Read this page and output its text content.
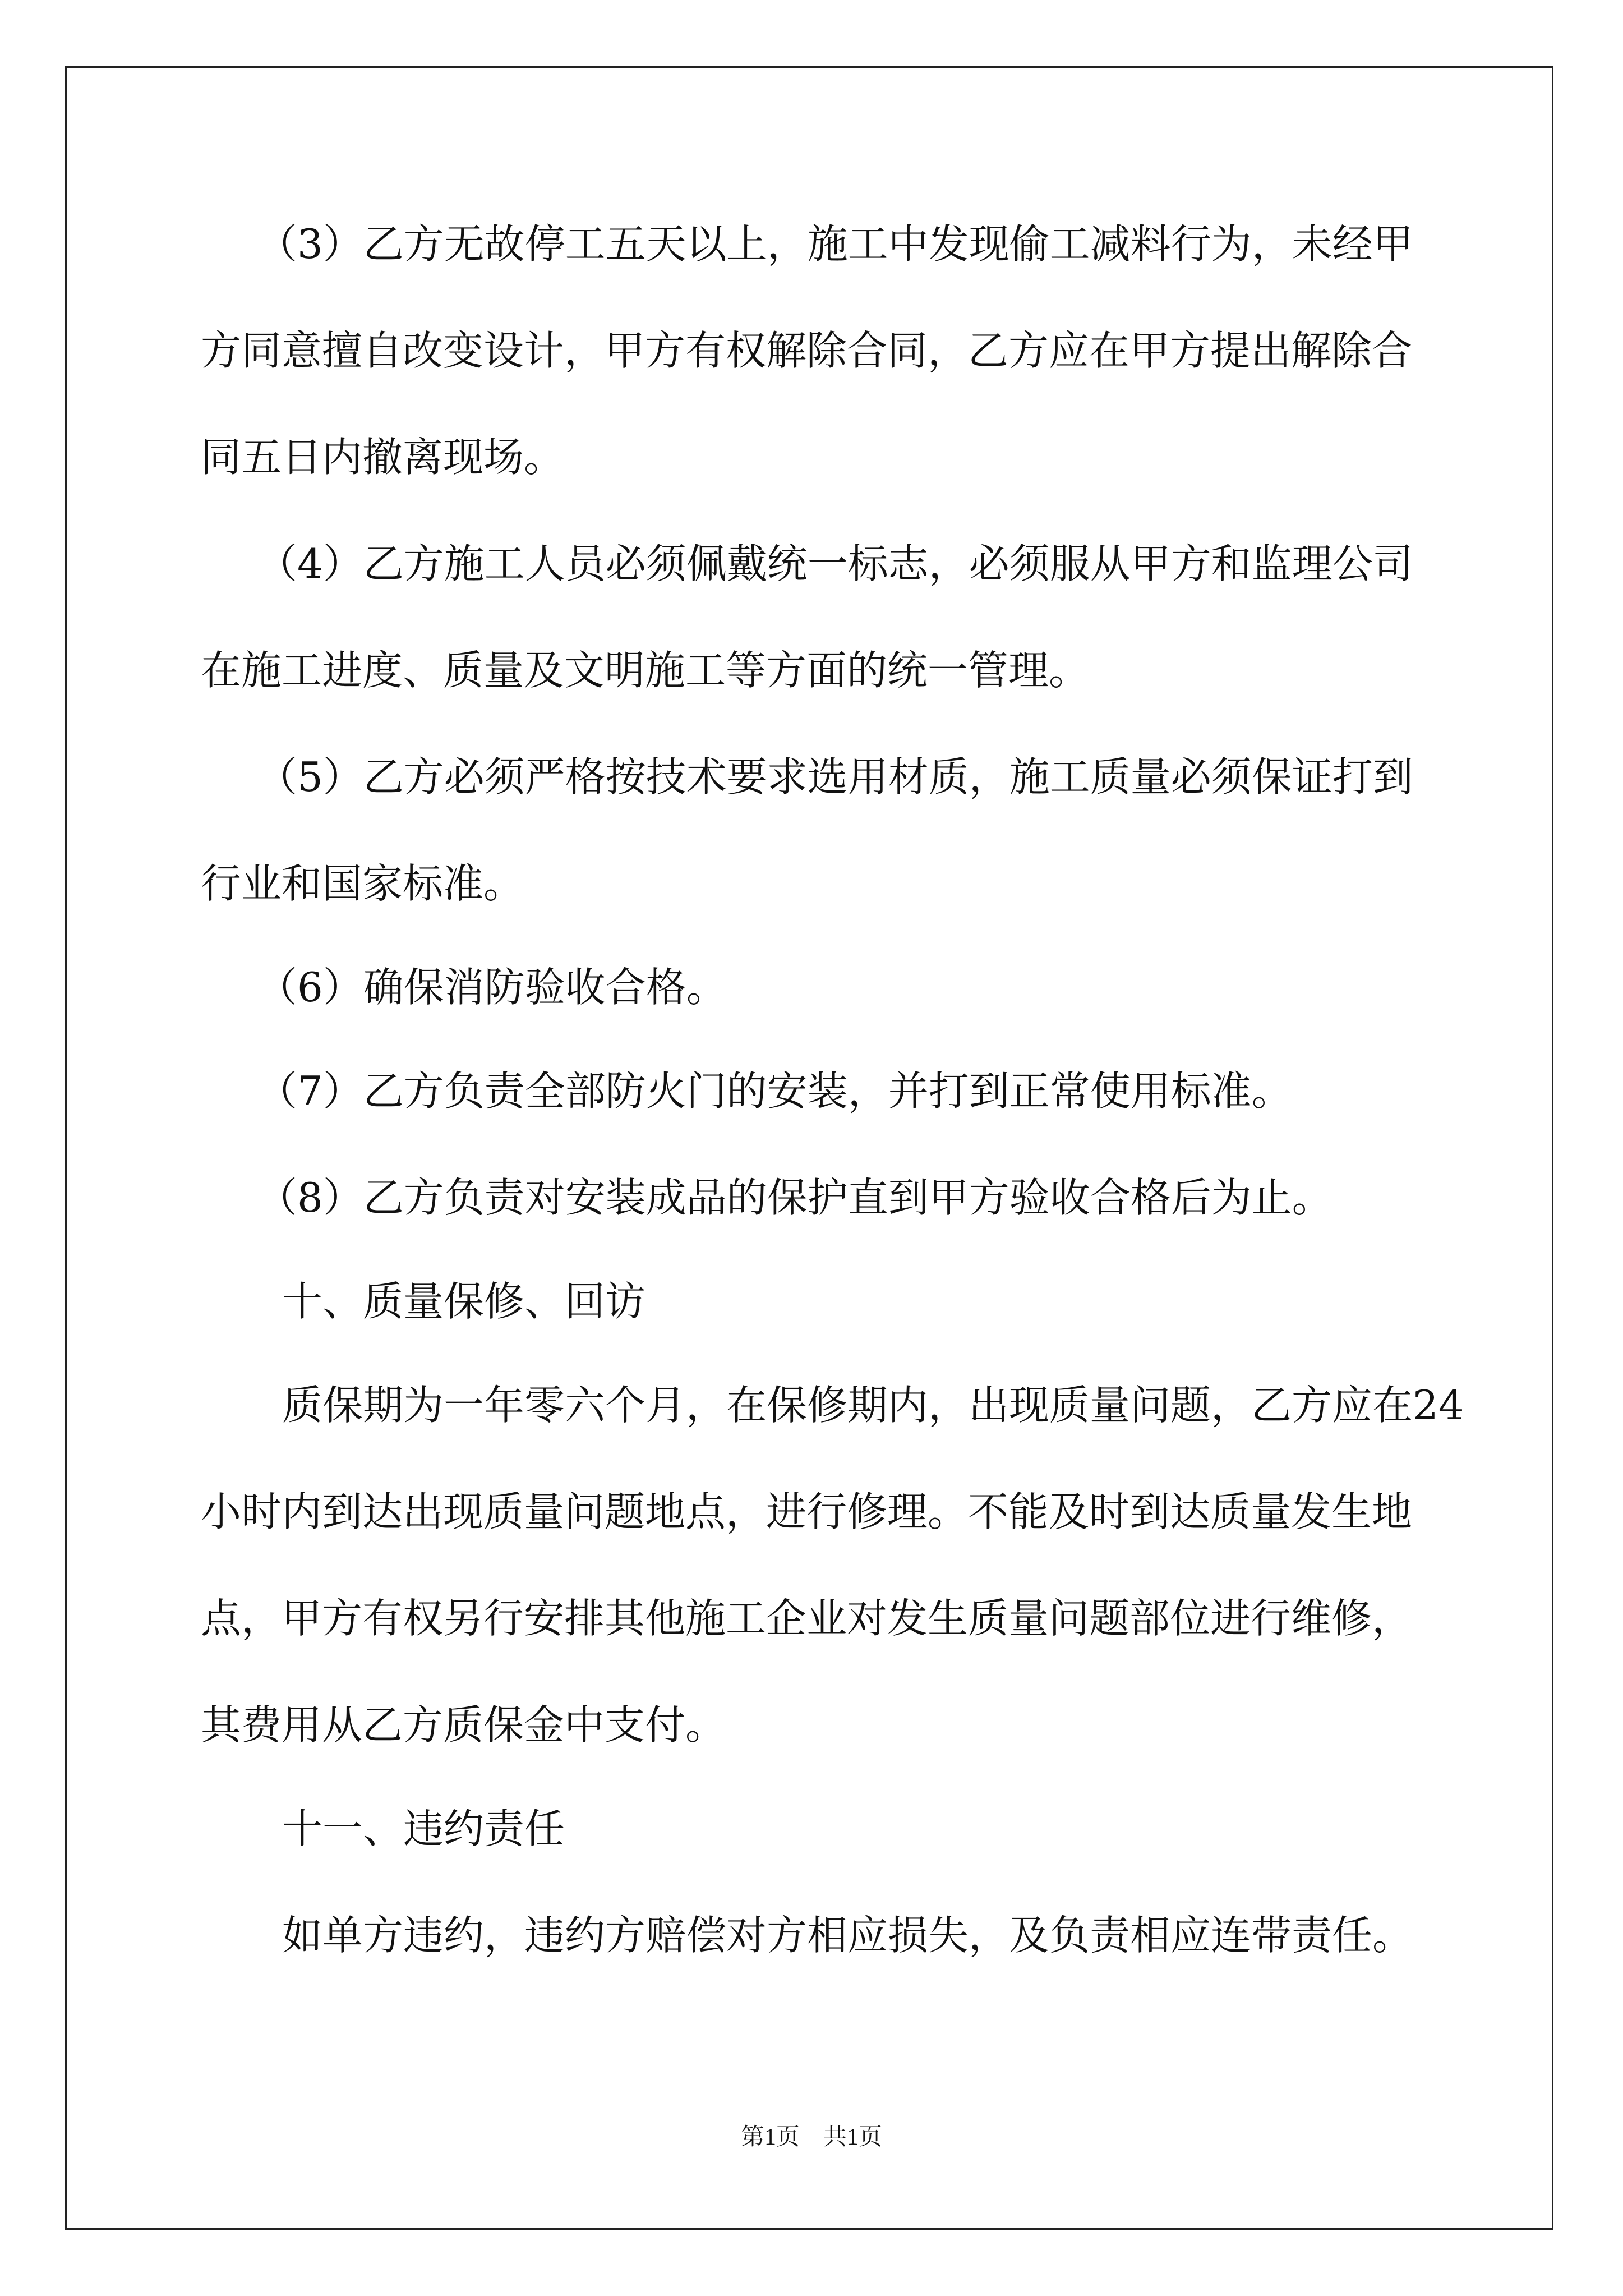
（3）乙方无故停工五天以上，施工中发现偷工减料行为，未经甲
方同意擅自改变设计，甲方有权解除合同，乙方应在甲方提出解除合
同五日内撤离现场。
（4）乙方施工人员必须佩戴统一标志，必须服从甲方和监理公司
在施工进度、质量及文明施工等方面的统一管理。
（5）乙方必须严格按技术要求选用材质，施工质量必须保证打到
行业和国家标准。
（6）确保消防验收合格。
（7）乙方负责全部防火门的安装，并打到正常使用标准。
（8）乙方负责对安装成品的保护直到甲方验收合格后为止。
十、质量保修、回访
质保期为一年零六个月，在保修期内，出现质量问题，乙方应在24
小时内到达出现质量问题地点，进行修理。不能及时到达质量发生地
点，甲方有权另行安排其他施工企业对发生质量问题部位进行维修，
其费用从乙方质保金中支付。
十一、违约责任
如单方违约，违约方赔偿对方相应损失，及负责相应连带责任。
第1页　共1页
